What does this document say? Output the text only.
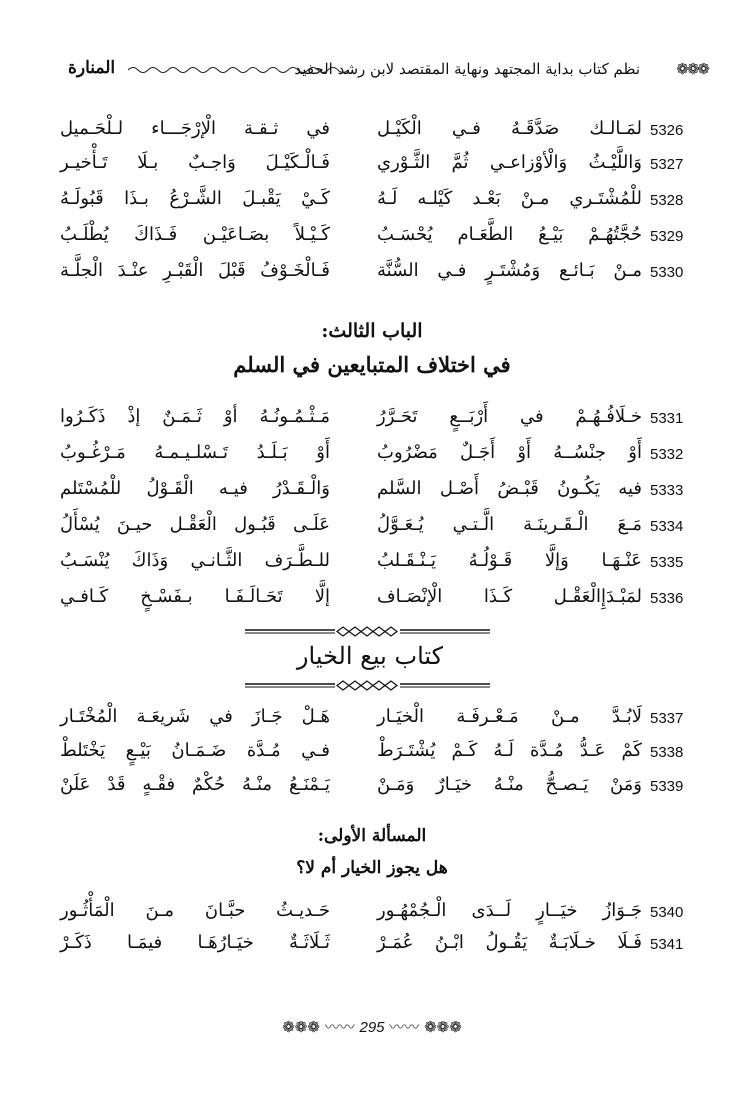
❁❁❁
نظم كتاب بداية المجتهد ونهاية المقتصد لابن رشد الحفيد
المنارة
5326
لمَـالـك صَدَّقَـهُ فـي الْكَيْـل
في ثـقـة الْإرْجَـــاء لـلْحَـميل
5327
وَاللَّيْـثُ وَالْأوْزاعـي ثُمَّ الثَّـوْري
فَـالْـكَيْـلَ وَاجـبٌ بـلَا تَـأْخيـر
5328
للْمُشْتَـري مـنْ بَعْـد كَيْلـه لَـهُ
كَـيْ يَقْبـلَ الشَّـرْعُ بـذَا قَبُولَـهُ
5329
حُجَّتُهُـمْ بَيْـعُ الطَّعَـام يُحْسَـبُ
كَـيْـلاً بصَـاعَيْـن فَـذَاكَ يُطْلَـبُ
5330
مـنْ بَـائـع وَمُشْتَـرٍ فـي السُّنَّة
فَـالْخَـوْفُ قَبْلَ الْقَبْـرِ عنْـدَ الْجلَّـة
الباب الثالث:
في اختلاف المتبايعين في السلم
5331
خـلَافُـهُـمْ في أَرْبَــعٍ تَحَـرَّرُ
مَـثْـمُـونُـهُ أوْ ثَـمَـنٌ إذْ ذَكَـرُوا
5332
أَوْ جنْسُــهُ أَوْ أَجَـلٌ مَضْرُوبُ
أَوْ بَـلَـدُ تَـسْلـيـمـهُ مَـرْغُـوبُ
5333
فيه يَكُـونُ قَبْـضُ أَصْـل السَّلم
وَالْـقَـدْرُ فيـه الْقَـوْلُ للْمُسْتَلم
5334
مَـعَ الْـقَـرينَـة الَّـتـي يُـعَـوَّلُ
عَلَـى قَبُـول الْعَقْـل حيـنَ يُسْأَلُ
5335
عَنْـهَـا وَإلَّا قَـوْلُـهُ يَـنْـقَـلبُ
للـطَّـرَف الثَّـانـي وَذَاكَ يُنْسَـبُ
5336
لمَبْـدَإِالْعَقْـل كَـذَا الْإنْصَـاف
إلَّا تَحَـالَـفَـا بـفَسْـخٍ كَـافـي
كتاب بيع الخيار
5337
لَابُـدَّ مـنْ مَـعْـرفَـة الْخيَـار
هَـلْ جَـازَ في شَريعَـة الْمُخْتَـار
5338
كَمْ عَـدُّ مُـدَّة لَـهُ كَـمْ يُشْتَـرَطْ
فـي مُـدَّة ضَـمَـانُ بَيْـعٍ يَخْتَلطْ
5339
وَمَنْ يَـصـحُّ منْـهُ خيَـارٌ وَمَـنْ
يَـمْنَـعُ منْـهُ حُكْمٌ فقْـهٍ قَدْ عَلَنْ
المسألة الأولى:
هل يجوز الخيار أم لا؟
5340
جَـوَازُ خيَــارٍ لَــدَى الْـجُمْهُـور
حَـديـثُ حبَّـانَ مـنَ الْمَأْثُـور
5341
فَـلَا خـلَابَـةٌ يَقُـولُ ابْـنُ عُمَـرْ
ثَـلَاثَـةٌ خيَـارُهَـا فيمَـا ذَكَـرْ
❁❁❁ 〰〰 295 〰〰 ❁❁❁
